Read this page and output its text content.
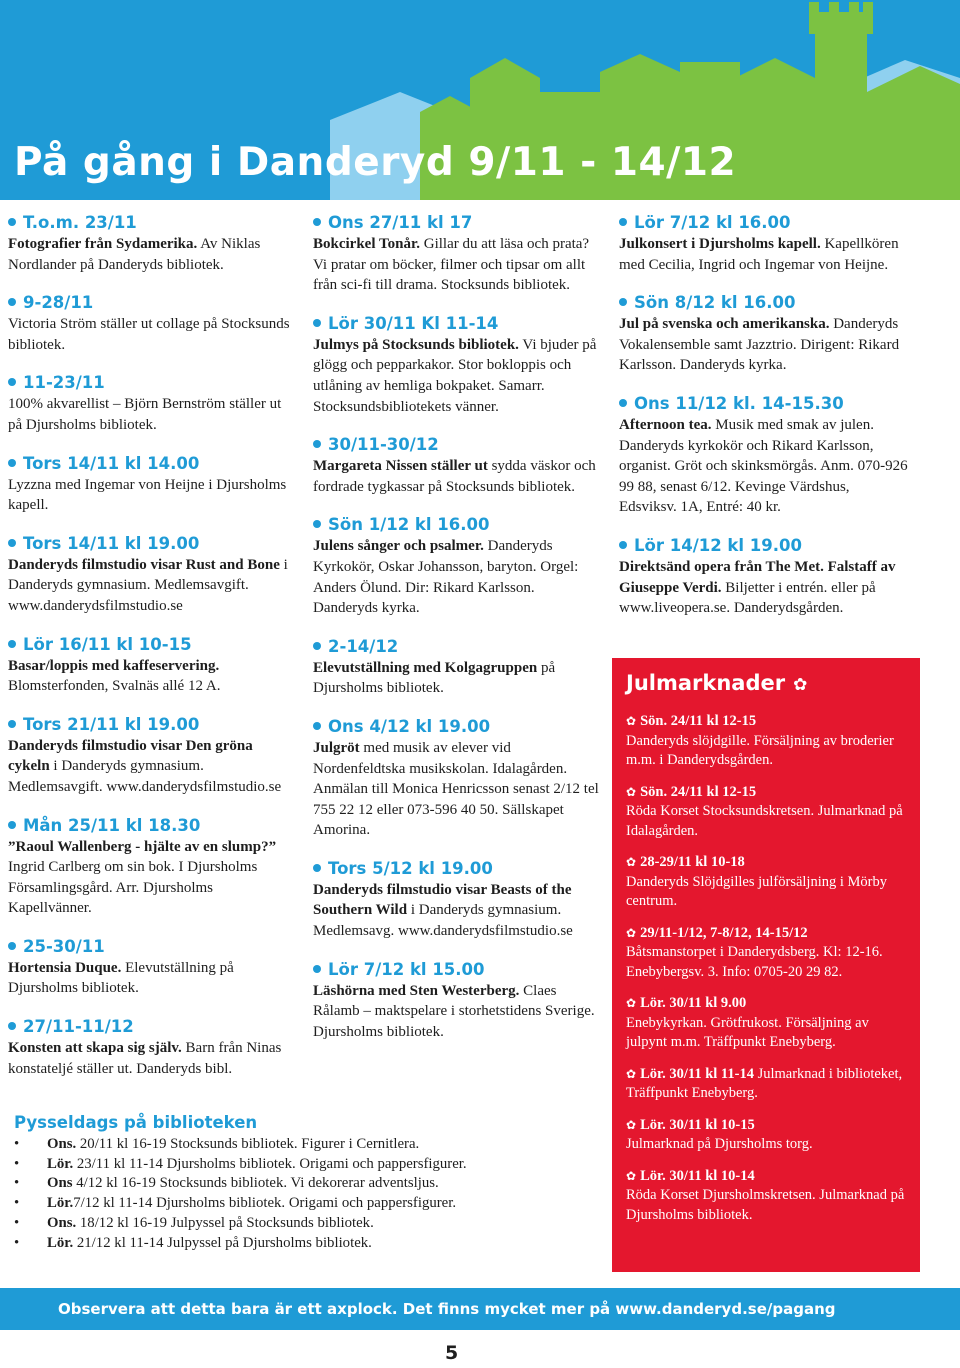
På gång i Danderyd 9/11 - 14/12
T.o.m. 23/11
Fotografier från Sydamerika. Av Niklas Nordlander på Danderyds bibliotek.
9-28/11
Victoria Ström ställer ut collage på Stocksunds bibliotek.
11-23/11
100% akvarellist – Björn Bernström ställer ut på Djursholms bibliotek.
Tors 14/11 kl 14.00
Lyzzna med Ingemar von Heijne i Djursholms kapell.
Tors 14/11 kl 19.00
Danderyds filmstudio visar Rust and Bone i Danderyds gymnasium. Medlemsavgift. www.danderydsfilmstudio.se
Lör 16/11 kl 10-15
Basar/loppis med kaffeservering. Blomsterfonden, Svalnäs allé 12 A.
Tors 21/11 kl 19.00
Danderyds filmstudio visar Den gröna cykeln i Danderyds gymnasium. Medlemsavgift. www.danderydsfilmstudio.se
Mån 25/11 kl 18.30
”Raoul Wallenberg - hjälte av en slump?” Ingrid Carlberg om sin bok. I Djursholms Församlingsgård. Arr. Djursholms Kapellvänner.
25-30/11
Hortensia Duque. Elevutställning på Djursholms bibliotek.
27/11-11/12
Konsten att skapa sig själv. Barn från Ninas konstateljé ställer ut. Danderyds bibl.
Ons 27/11 kl 17
Bokcirkel Tonår. Gillar du att läsa och prata? Vi pratar om böcker, filmer och tipsar om allt från sci-fi till drama. Stocksunds bibliotek.
Lör 30/11 Kl 11-14
Julmys på Stocksunds bibliotek. Vi bjuder på glögg och pepparkakor. Stor bokloppis och utlåning av hemliga bokpaket. Samarr. Stocksundsbibliotekets vänner.
30/11-30/12
Margareta Nissen ställer ut sydda väskor och fordrade tygkassar på Stocksunds bibliotek.
Sön 1/12 kl 16.00
Julens sånger och psalmer. Danderyds Kyrkokör, Oskar Johansson, baryton. Orgel: Anders Ölund. Dir: Rikard Karlsson. Danderyds kyrka.
2-14/12
Elevutställning med Kolgagruppen på Djursholms bibliotek.
Ons 4/12 kl 19.00
Julgröt med musik av elever vid Nordenfeldtska musikskolan. Idalagården. Anmälan till Monica Henricsson senast 2/12 tel 755 22 12 eller 073-596 40 50. Sällskapet Amorina.
Tors 5/12 kl 19.00
Danderyds filmstudio visar Beasts of the Southern Wild i Danderyds gymnasium. Medlemsavg. www.danderydsfilmstudio.se
Lör 7/12 kl 15.00
Läshörna med Sten Westerberg. Claes Rålamb – maktspelare i storhetstidens Sverige. Djursholms bibliotek.
Lör 7/12 kl 16.00
Julkonsert i Djursholms kapell. Kapellkören med Cecilia, Ingrid och Ingemar von Heijne.
Sön 8/12 kl 16.00
Jul på svenska och amerikanska. Danderyds Vokalensemble samt Jazztrio. Dirigent: Rikard Karlsson. Danderyds kyrka.
Ons 11/12 kl. 14-15.30
Afternoon tea. Musik med smak av julen. Danderyds kyrkokör och Rikard Karlsson, organist. Gröt och skinksmörgås. Anm. 070-926 99 88, senast 6/12. Kevinge Värdshus, Edsviksv. 1A, Entré: 40 kr.
Lör 14/12 kl 19.00
Direktsänd opera från The Met. Falstaff av Giuseppe Verdi. Biljetter i entrén. eller på www.liveopera.se. Danderydsgården.
Julmarknader ✿
✿ Sön. 24/11 kl 12-15
Danderyds slöjdgille. Försäljning av broderier m.m. i Danderydsgården.
✿ Sön. 24/11 kl 12-15
Röda Korset Stocksundskretsen. Julmarknad på Idalagården.
✿ 28-29/11 kl 10-18
Danderyds Slöjdgilles julförsäljning i Mörby centrum.
✿ 29/11-1/12, 7-8/12, 14-15/12
Båtsmanstorpet i Danderydsberg. Kl: 12-16. Enebybergsv. 3. Info: 0705-20 29 82.
✿ Lör. 30/11 kl 9.00
Enebykyrkan. Grötfrukost. Försäljning av julpynt m.m. Träffpunkt Enebyberg.
✿ Lör. 30/11 kl 11-14 Julmarknad i biblioteket, Träffpunkt Enebyberg.
✿ Lör. 30/11 kl 10-15
Julmarknad på Djursholms torg.
✿ Lör. 30/11 kl 10-14
Röda Korset Djursholmskretsen. Julmarknad på Djursholms bibliotek.
Pysseldags på biblioteken
• Ons. 20/11 kl 16-19 Stocksunds bibliotek. Figurer i Cernitlera.
• Lör. 23/11 kl 11-14 Djursholms bibliotek. Origami och pappersfigurer.
• Ons 4/12 kl 16-19 Stocksunds bibliotek. Vi dekorerar adventsljus.
• Lör.7/12 kl 11-14 Djursholms bibliotek. Origami och pappersfigurer.
• Ons. 18/12 kl 16-19 Julpyssel på Stocksunds bibliotek.
• Lör. 21/12 kl 11-14 Julpyssel på Djursholms bibliotek.
Observera att detta bara är ett axplock. Det finns mycket mer på www.danderyd.se/pagang
5
